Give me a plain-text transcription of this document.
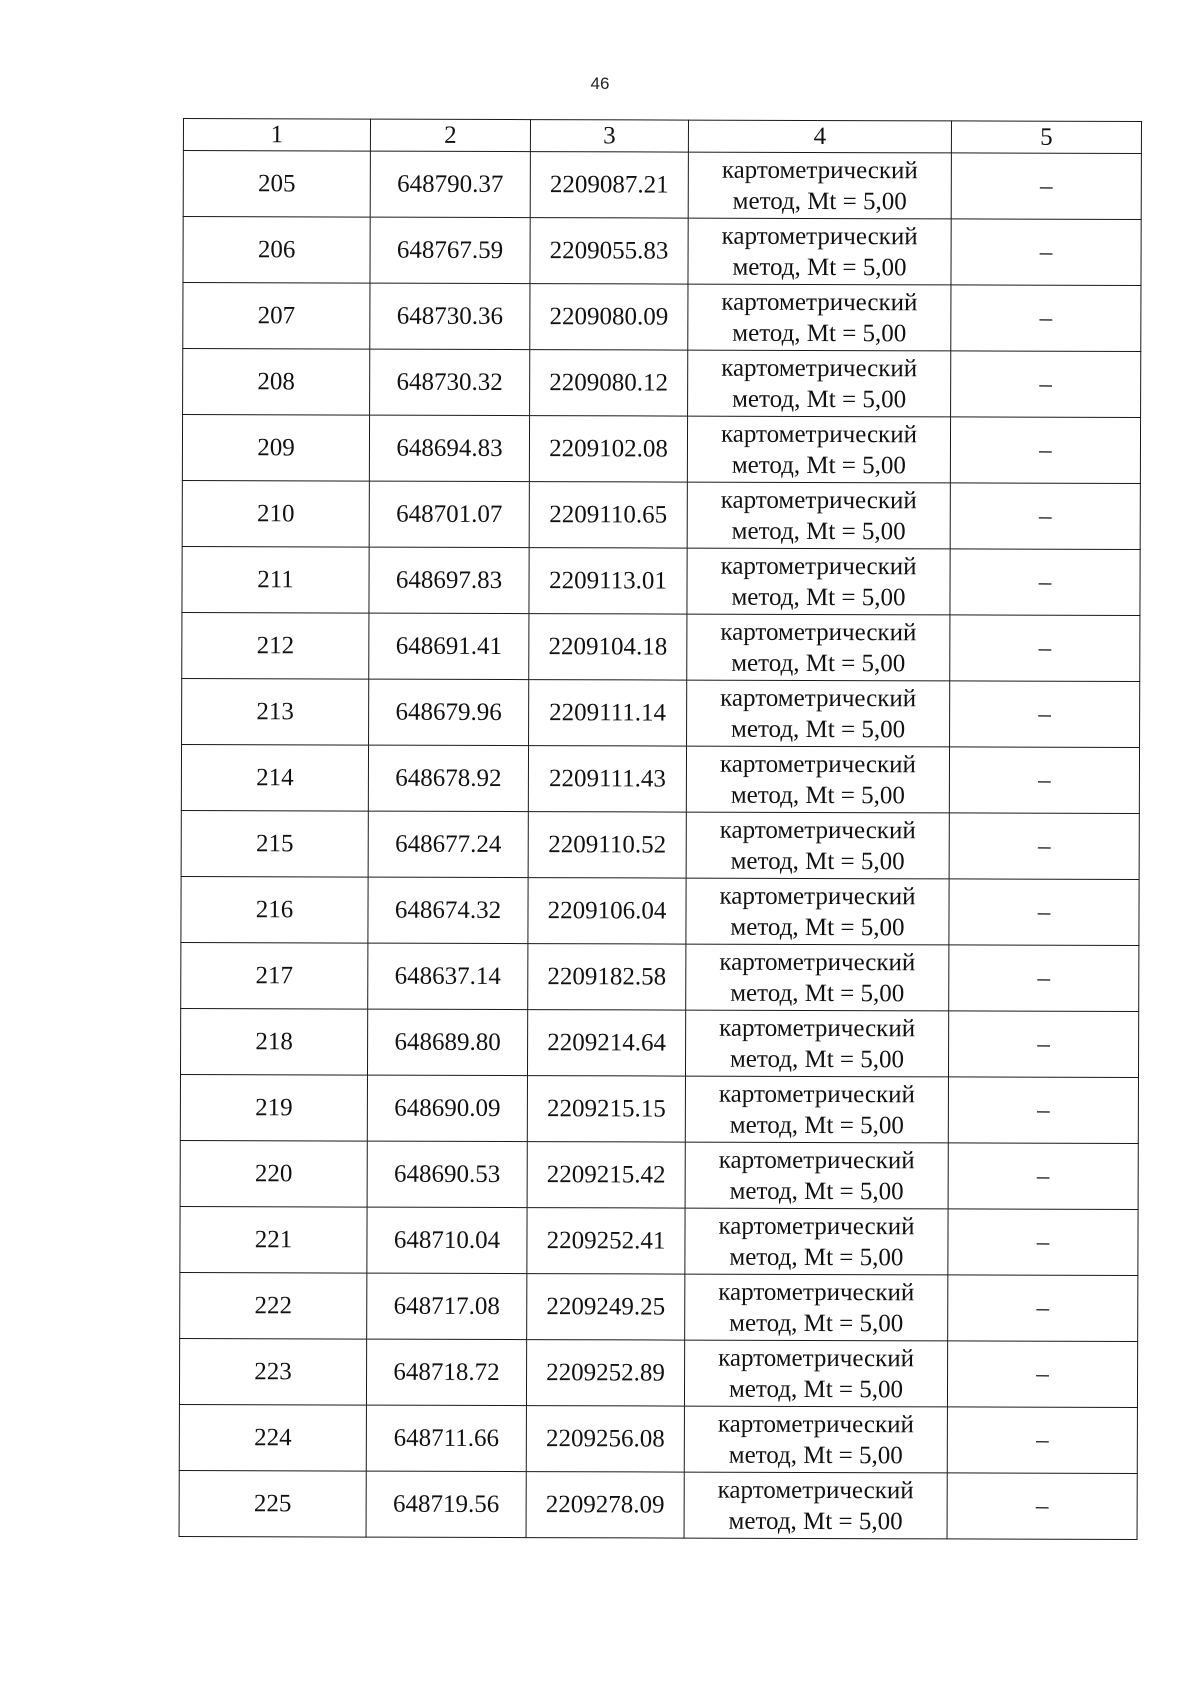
46
1	2	3	4	5
205	648790.37	2209087.21	картометрический метод, Mt = 5,00	–
206	648767.59	2209055.83	картометрический метод, Mt = 5,00	–
207	648730.36	2209080.09	картометрический метод, Mt = 5,00	–
208	648730.32	2209080.12	картометрический метод, Mt = 5,00	–
209	648694.83	2209102.08	картометрический метод, Mt = 5,00	–
210	648701.07	2209110.65	картометрический метод, Mt = 5,00	–
211	648697.83	2209113.01	картометрический метод, Mt = 5,00	–
212	648691.41	2209104.18	картометрический метод, Mt = 5,00	–
213	648679.96	2209111.14	картометрический метод, Mt = 5,00	–
214	648678.92	2209111.43	картометрический метод, Mt = 5,00	–
215	648677.24	2209110.52	картометрический метод, Mt = 5,00	–
216	648674.32	2209106.04	картометрический метод, Mt = 5,00	–
217	648637.14	2209182.58	картометрический метод, Mt = 5,00	–
218	648689.80	2209214.64	картометрический метод, Mt = 5,00	–
219	648690.09	2209215.15	картометрический метод, Mt = 5,00	–
220	648690.53	2209215.42	картометрический метод, Mt = 5,00	–
221	648710.04	2209252.41	картометрический метод, Mt = 5,00	–
222	648717.08	2209249.25	картометрический метод, Mt = 5,00	–
223	648718.72	2209252.89	картометрический метод, Mt = 5,00	–
224	648711.66	2209256.08	картометрический метод, Mt = 5,00	–
225	648719.56	2209278.09	картометрический метод, Mt = 5,00	–
